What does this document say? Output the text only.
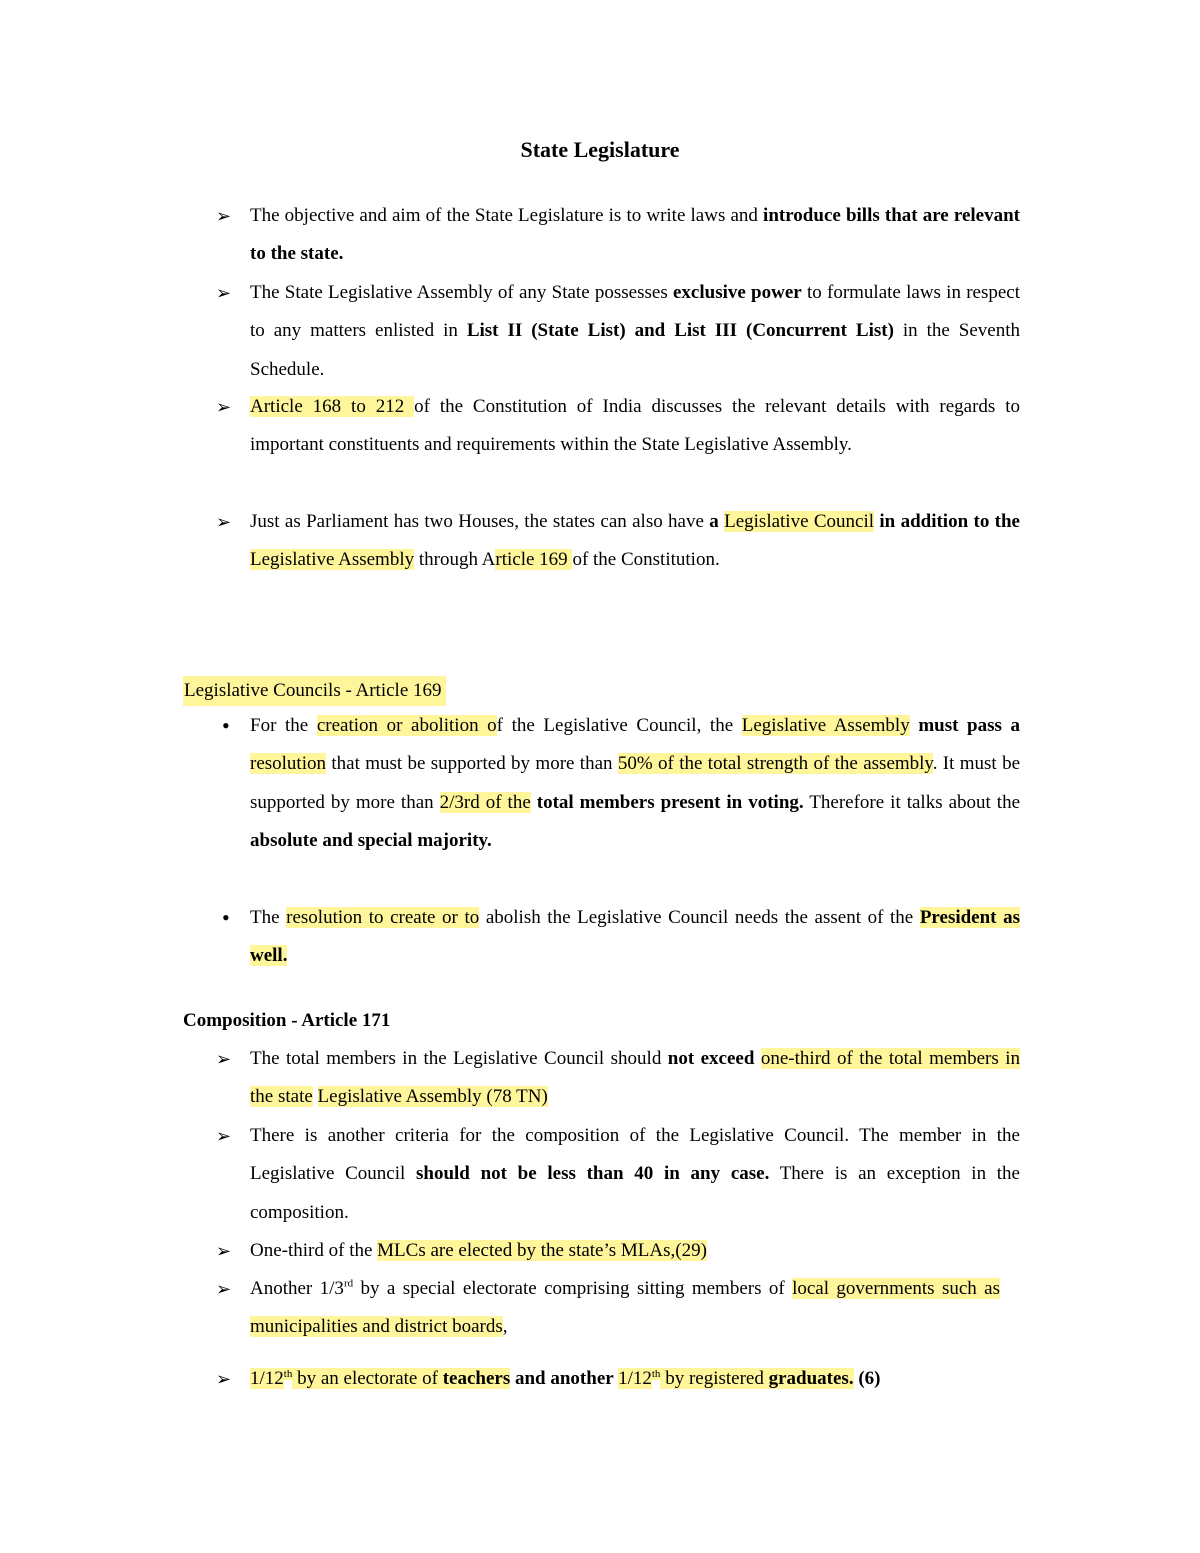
State Legislature
➢ The objective and aim of the State Legislature is to write laws and introduce bills that are relevant to the state.
➢ The State Legislative Assembly of any State possesses exclusive power to formulate laws in respect to any matters enlisted in List II (State List) and List III (Concurrent List) in the Seventh Schedule.
➢ Article 168 to 212 of the Constitution of India discusses the relevant details with regards to important constituents and requirements within the State Legislative Assembly.
➢ Just as Parliament has two Houses, the states can also have a Legislative Council in addition to the Legislative Assembly through Article 169 of the Constitution.
Legislative Councils - Article 169
• For the creation or abolition of the Legislative Council, the Legislative Assembly must pass a resolution that must be supported by more than 50% of the total strength of the assembly. It must be supported by more than 2/3rd of the total members present in voting. Therefore it talks about the absolute and special majority.
• The resolution to create or to abolish the Legislative Council needs the assent of the President as well.
Composition - Article 171
➢ The total members in the Legislative Council should not exceed one-third of the total members in the state Legislative Assembly (78 TN)
➢ There is another criteria for the composition of the Legislative Council. The member in the Legislative Council should not be less than 40 in any case. There is an exception in the composition.
➢ One-third of the MLCs are elected by the state’s MLAs,(29)
➢ Another 1/3rd by a special electorate comprising sitting members of local governments such as municipalities and district boards,
➢ 1/12th by an electorate of teachers and another 1/12th by registered graduates. (6)
